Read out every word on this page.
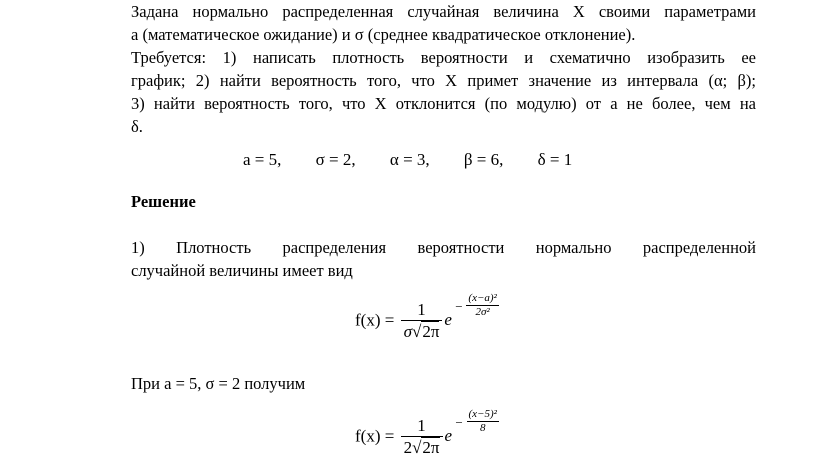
Задана нормально распределенная случайная величина X своими параметрами
a (математическое ожидание) и σ (среднее квадратическое отклонение).
Требуется: 1) написать плотность вероятности и схематично изобразить ее
график; 2) найти вероятность того, что X примет значение из интервала (α; β);
3) найти вероятность того, что X отклонится (по модулю) от a не более, чем на
δ.
a = 5, σ = 2, α = 3, β = 6, δ = 1
Решение
1) Плотность распределения вероятности нормально распределенной
случайной величины имеет вид
$f(x) = \frac{1}{\sigma√2\pi}$ e
− $\frac{\text{(x−a)²}}{\text{2σ²}}$
При a = 5, σ = 2 получим
$f(x) = \frac{1}{2√2\pi}$ e
− $\frac{\text{(x−5)²}}{8}$
